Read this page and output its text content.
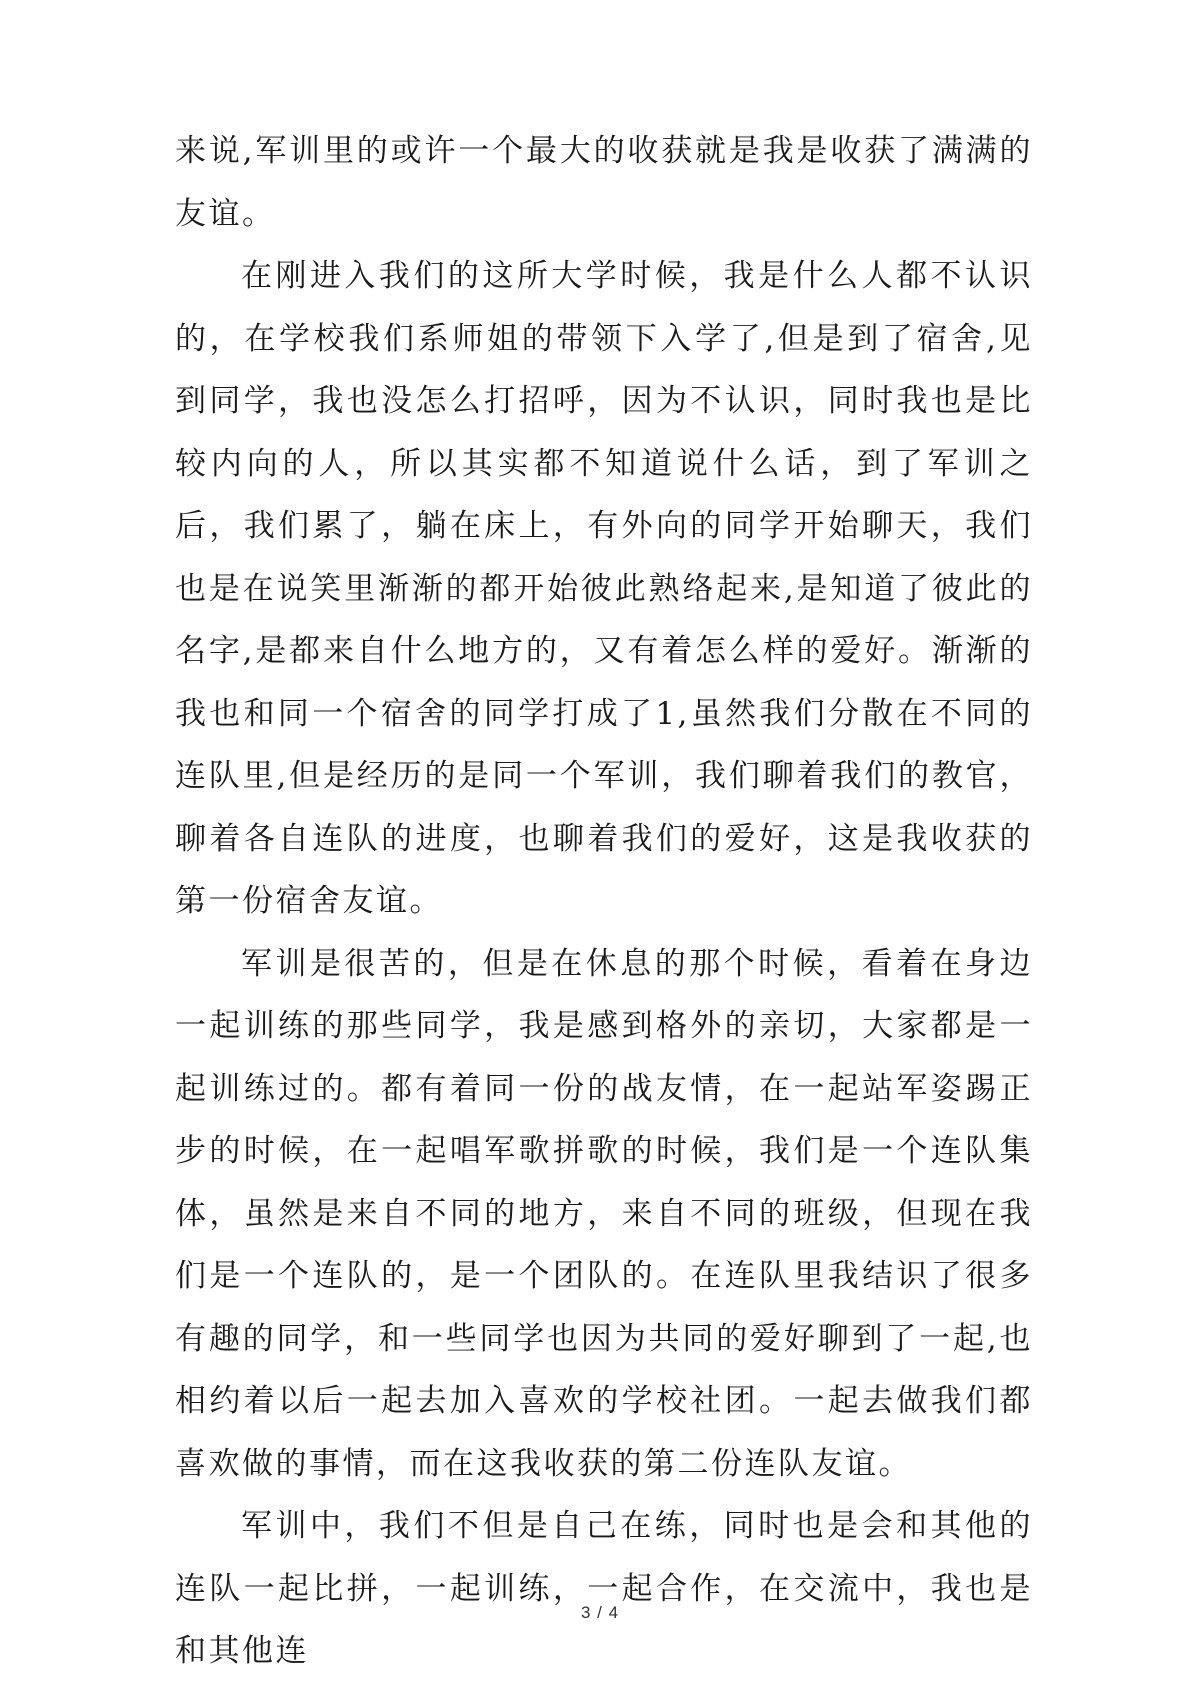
来说,军训里的或许一个最大的收获就是我是收获了满满的友谊。

在刚进入我们的这所大学时候，我是什么人都不认识的，在学校我们系师姐的带领下入学了,但是到了宿舍,见到同学，我也没怎么打招呼，因为不认识，同时我也是比较内向的人，所以其实都不知道说什么话，到了军训之后，我们累了，躺在床上，有外向的同学开始聊天，我们也是在说笑里渐渐的都开始彼此熟络起来,是知道了彼此的名字,是都来自什么地方的，又有着怎么样的爱好。渐渐的我也和同一个宿舍的同学打成了1,虽然我们分散在不同的连队里,但是经历的是同一个军训，我们聊着我们的教官，聊着各自连队的进度，也聊着我们的爱好，这是我收获的第一份宿舍友谊。

军训是很苦的，但是在休息的那个时候，看着在身边一起训练的那些同学，我是感到格外的亲切，大家都是一起训练过的。都有着同一份的战友情，在一起站军姿踢正步的时候，在一起唱军歌拼歌的时候，我们是一个连队集体，虽然是来自不同的地方，来自不同的班级，但现在我们是一个连队的，是一个团队的。在连队里我结识了很多有趣的同学，和一些同学也因为共同的爱好聊到了一起,也相约着以后一起去加入喜欢的学校社团。一起去做我们都喜欢做的事情，而在这我收获的第二份连队友谊。

军训中，我们不但是自己在练，同时也是会和其他的连队一起比拼，一起训练，一起合作，在交流中，我也是和其他连

3 / 4
